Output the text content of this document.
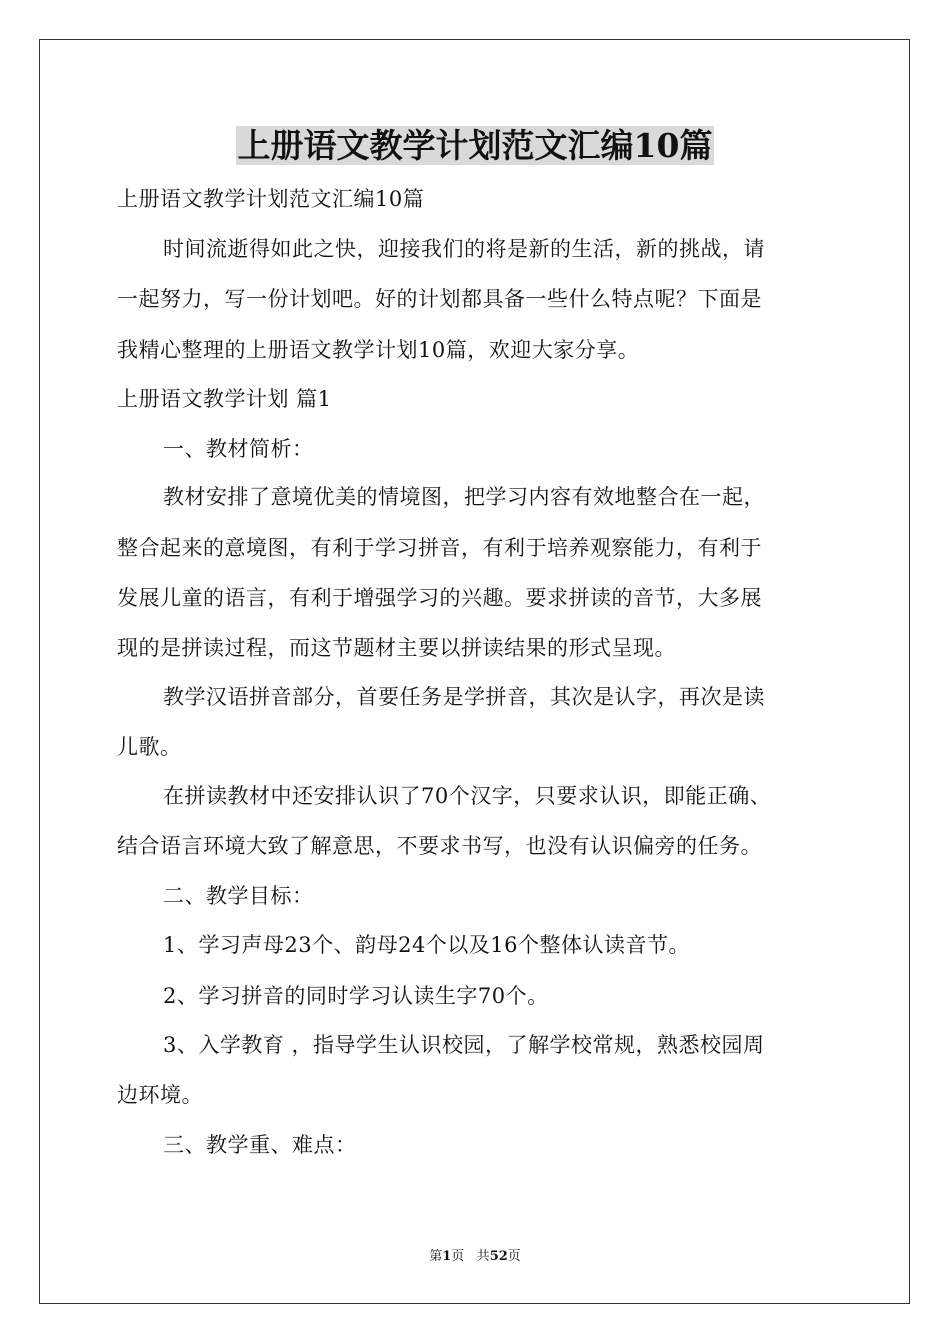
上册语文教学计划范文汇编10篇
上册语文教学计划范文汇编10篇
时间流逝得如此之快，迎接我们的将是新的生活，新的挑战，请
一起努力，写一份计划吧。好的计划都具备一些什么特点呢？下面是
我精心整理的上册语文教学计划10篇，欢迎大家分享。
上册语文教学计划 篇1
一、教材简析：
教材安排了意境优美的情境图，把学习内容有效地整合在一起，
整合起来的意境图，有利于学习拼音，有利于培养观察能力，有利于
发展儿童的语言，有利于增强学习的兴趣。要求拼读的音节，大多展
现的是拼读过程，而这节题材主要以拼读结果的形式呈现。
教学汉语拼音部分，首要任务是学拼音，其次是认字，再次是读
儿歌。
在拼读教材中还安排认识了70个汉字，只要求认识，即能正确、
结合语言环境大致了解意思，不要求书写，也没有认识偏旁的任务。
二、教学目标：
1、学习声母23个、韵母24个以及16个整体认读音节。
2、学习拼音的同时学习认读生字70个。
3、入学教育 ，指导学生认识校园，了解学校常规，熟悉校园周
边环境。
三、教学重、难点：
第1页 共52页
